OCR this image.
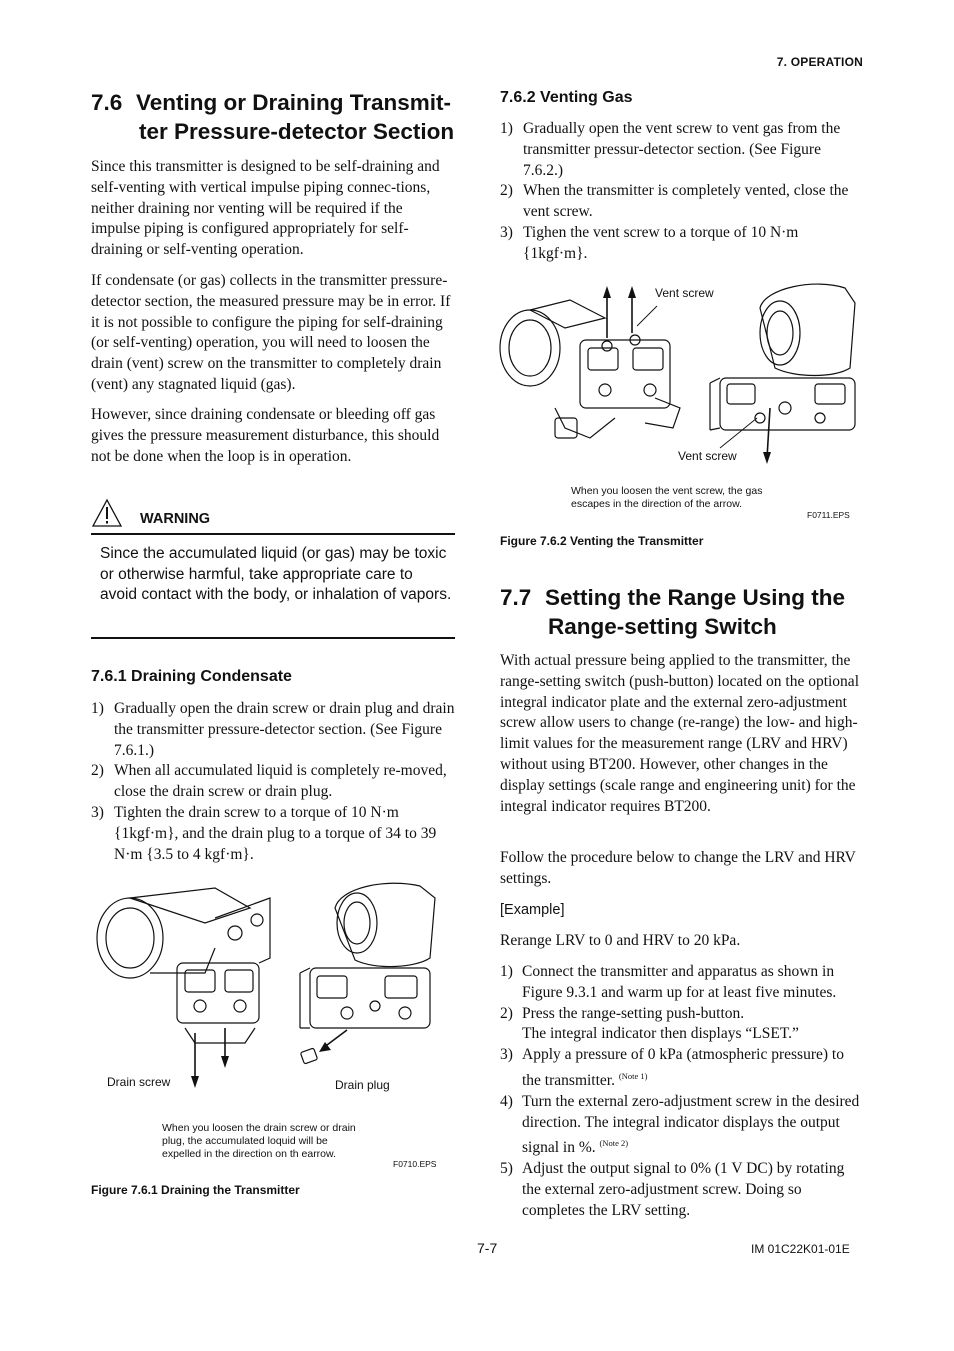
7. OPERATION
7.6 Venting or Draining Transmit-
ter Pressure-detector Section

Since this transmitter is designed to be self-draining and self-venting with vertical impulse piping connec-tions, neither draining nor venting will be required if the impulse piping is configured appropriately for self-draining or self-venting operation.

If condensate (or gas) collects in the transmitter pressure-detector section, the measured pressure may be in error. If it is not possible to configure the piping for self-draining (or self-venting) operation, you will need to loosen the drain (vent) screw on the transmitter to completely drain (vent) any stagnated liquid (gas).

However, since draining condensate or bleeding off gas gives the pressure measurement disturbance, this should not be done when the loop is in operation.

WARNING
Since the accumulated liquid (or gas) may be toxic or otherwise harmful, take appropriate care to avoid contact with the body, or inhalation of vapors.
7.6.1 Draining Condensate
1) Gradually open the drain screw or drain plug and drain the transmitter pressure-detector section. (See Figure 7.6.1.)
2) When all accumulated liquid is completely re-moved, close the drain screw or drain plug.
3) Tighten the drain screw to a torque of 10 N·m {1kgf·m}, and the drain plug to a torque of 34 to 39 N·m {3.5 to 4 kgf·m}.
Drain screw	Drain plug
When you loosen the drain screw or drain
plug, the accumulated loquid will be
expelled in the direction on th earrow.
F0710.EPS
Figure 7.6.1 Draining the Transmitter
7.6.2 Venting Gas
1) Gradually open the vent screw to vent gas from the transmitter pressur-detector section. (See Figure 7.6.2.)
2) When the transmitter is completely vented, close the vent screw.
3) Tighen the vent screw to a torque of 10 N·m {1kgf·m}.
Vent screw
Vent screw
When you loosen the vent screw, the gas
escapes in the direction of the arrow.
F0711.EPS
Figure 7.6.2 Venting the Transmitter
7.7 Setting the Range Using the
Range-setting Switch

With actual pressure being applied to the transmitter, the range-setting switch (push-button) located on the optional integral indicator plate and the external zero-adjustment screw allow users to change (re-range) the low- and high-limit values for the measurement range (LRV and HRV) without using BT200. However, other changes in the display settings (scale range and engineering unit) for the integral indicator requires BT200.

Follow the procedure below to change the LRV and HRV settings.

[Example]

Rerange LRV to 0 and HRV to 20 kPa.

1) Connect the transmitter and apparatus as shown in Figure 9.3.1 and warm up for at least five minutes.
2) Press the range-setting push-button.
The integral indicator then displays “LSET.”
3) Apply a pressure of 0 kPa (atmospheric pressure) to the transmitter. $^{(Note 1)}$
4) Turn the external zero-adjustment screw in the desired direction. The integral indicator displays the output signal in %. $^{(Note 2)}$
5) Adjust the output signal to 0% (1 V DC) by rotating the external zero-adjustment screw. Doing so completes the LRV setting.
7-7	IM 01C22K01-01E
